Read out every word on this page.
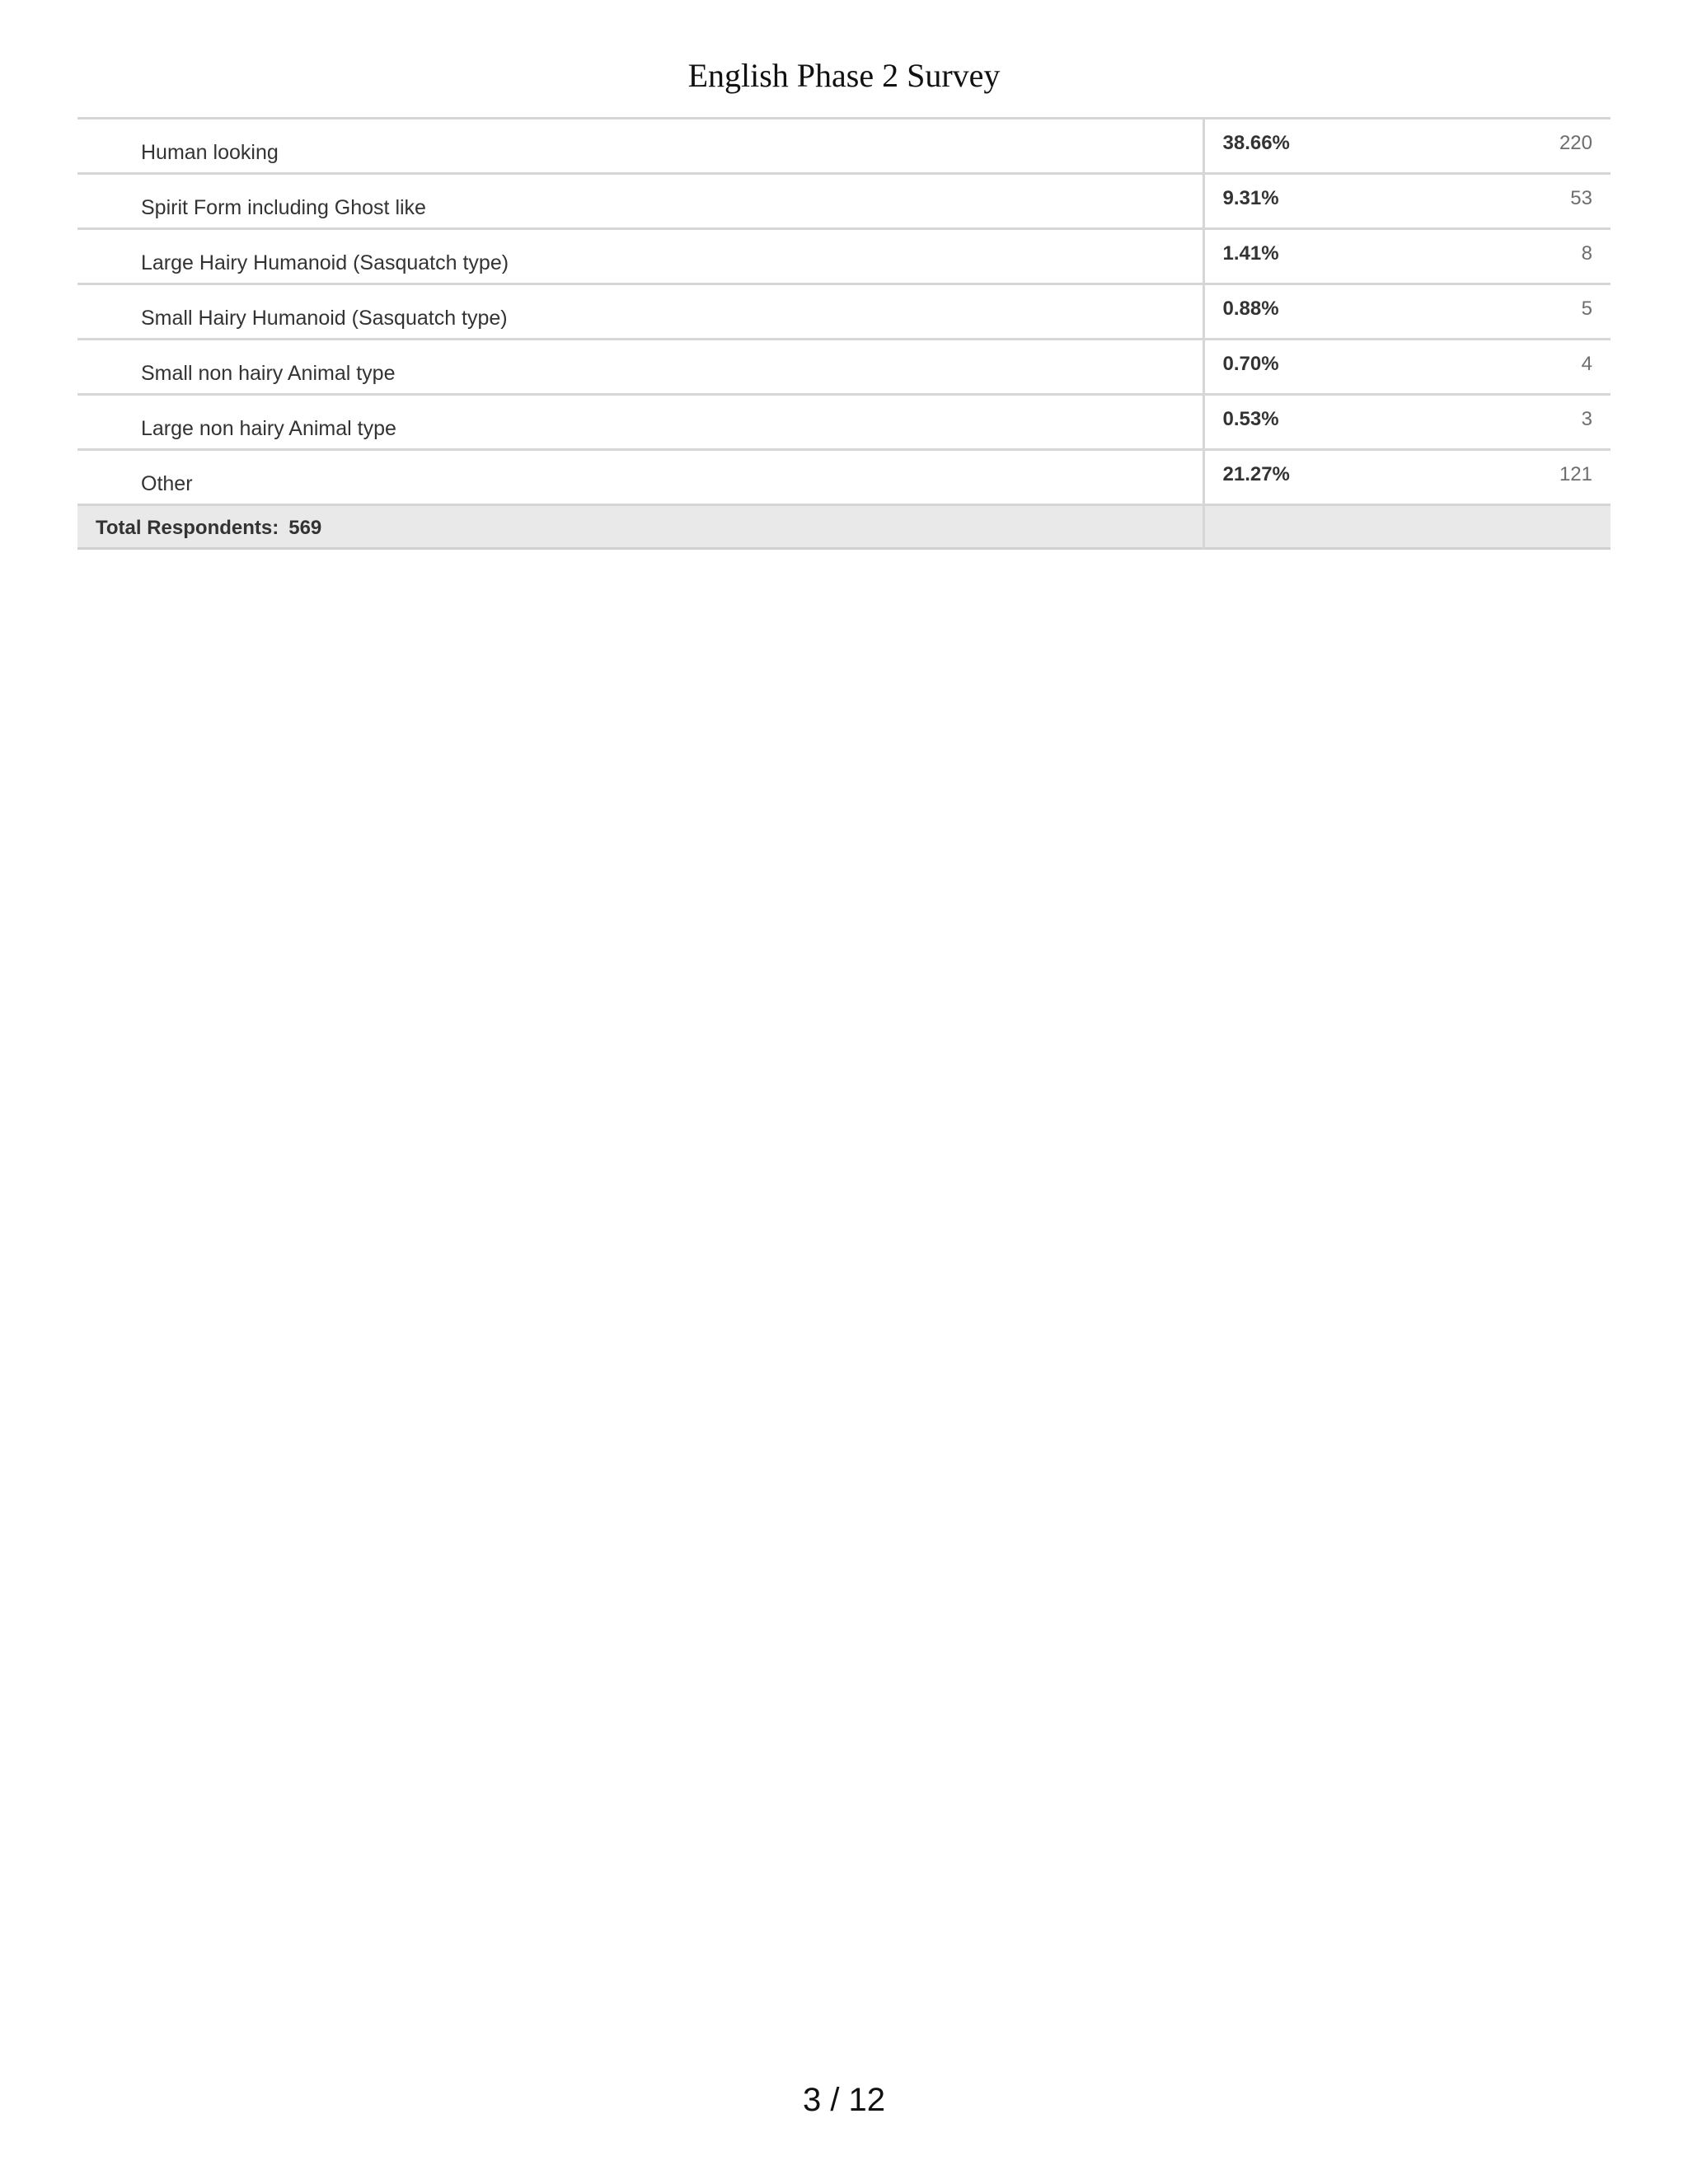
English Phase 2 Survey
Human looking	38.66% 220

Spirit Form including Ghost like	9.31% 53

Large Hairy Humanoid (Sasquatch type)	1.41% 8

Small Hairy Humanoid (Sasquatch type)	0.88% 5

Small non hairy Animal type	0.70% 4

Large non hairy Animal type	0.53% 3

Other	21.27% 121

Total Respondents: 569	

3 / 12
